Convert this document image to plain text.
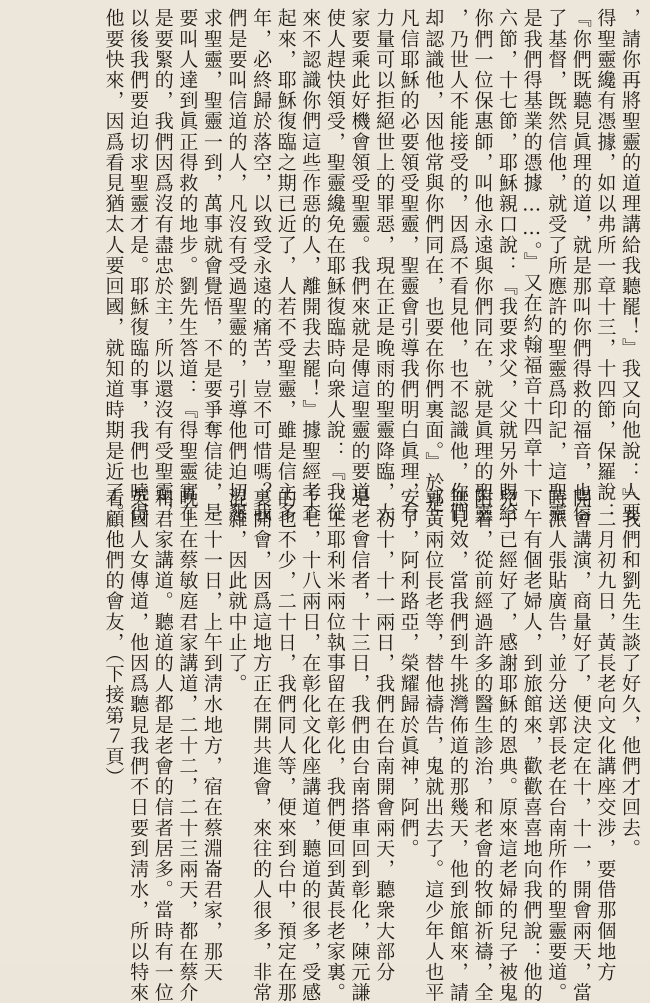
，請你再將聖靈的道理講給我聽罷！』我又向他說：人要
得聖靈纔有憑據，如以弗所一章十三，十四節，保羅說：
『你們既聽見眞理的道，就是那叫你們得救的福音，也信
了基督，旣然信他，就受了所應許的聖靈爲印記，這聖靈
是我們得基業的憑據……。』又在約翰福音十四章十
六節，十七節，耶穌親口說：『我要求父，父就另外賜給
你們一位保惠師，叫他永遠與你們同在，就是眞理的聖靈
，乃世人不能接受的，因爲不看見他，也不認識他，你們
却認識他，因他常與你們同在，也要在你們裏面。』於是
凡信耶穌的必要領受聖靈，聖靈會引導我們明白眞理，有
力量可以拒絕世上的罪惡，現在正是晚雨的聖靈降臨，大
家要乘此好機會領受聖靈。我們來就是傳這聖靈的要道，
使人趕快領受，聖靈纔免在耶穌復臨時向衆人說：『我從
來不認識你們這些作惡的人，離開我去罷！』據聖經考查
起來，耶穌復臨之期已近了，人若不受聖靈，雖是信主多
年，必終歸於落空，以致受永遠的痛苦，豈不可惜嗎？我
們是要叫信道的人，凡沒有受過聖靈的，引導他們迫切懇
求聖靈，聖靈一到，萬事就會覺悟，不是要爭奪信徒，是
要叫人達到眞正得救的地步。劉先生答道：『得聖靈實在
是要緊的，我們因爲沒有盡忠於主，所以還沒有受聖靈，
以後我們要迫切求聖靈才是。耶穌復臨的事，我們也曉得
他要快來，因爲看見猶太人要回國，就知道時期是近了。
』我們和劉先生談了好久，他們才回去。
　二月初九日，黃長老向文化講座交涉，要借那個地方
開會講演，商量好了，便決定在十，十一，開會兩天，當
時派人張貼廣告，並分送郭長老在台南所作的聖靈要道。
下午有個老婦人，到旅館來，歡歡喜喜地向我們說：他的
兒子已經好了，感謝耶穌的恩典。原來這老婦的兒子被鬼
附着，從前經過許多的醫生診治，和老會的牧師祈禱，全
無見效，當我們到牛挑灣佈道的那幾天，他到旅館來，請
郭黃兩位長老等，替他禱告，鬼就出去了。這少年人也平
安了，阿利路亞，榮耀歸於眞神，阿們。
　初十，十一兩日，我們在台南開會兩天，聽衆大部分
是老會信者，十三日，我們由台南搭車回到彰化，陳元謙
，王耶利米兩位執事留在彰化，我們便回到黃長老家裏。
十七，十八兩日，在彰化文化座講道，聽道的很多，受感
的也不少，二十日，我們同人等，便來到台中，預定在那
裏開會，因爲這地方正在開共進會，來往的人很多，非常
混雜，因此就中止了。
　二十一日，上午到淸水地方，宿在蔡淵崙君家，那天
晚上在蔡敏庭君家講道，二十二，二十三兩天，都在蔡介
和君家講道。聽道的人都是老會的信者居多。當時有一位
英國人女傳道，他因爲聽見我們不日要到淸水，所以特來
看顧他們的會友，（下接第７頁）
